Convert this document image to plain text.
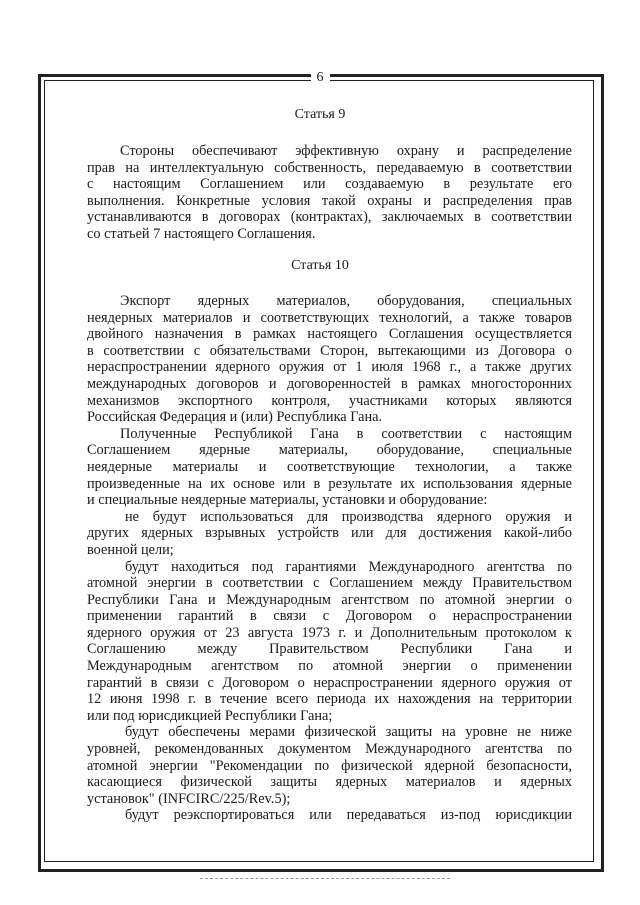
6
Статья 9
Стороны обеспечивают эффективную охрану и распределение
прав на интеллектуальную собственность, передаваемую в соответствии
с настоящим Соглашением или создаваемую в результате его
выполнения. Конкретные условия такой охраны и распределения прав
устанавливаются в договорах (контрактах), заключаемых в соответствии
со статьей 7 настоящего Соглашения.
Статья 10
Экспорт ядерных материалов, оборудования, специальных
неядерных материалов и соответствующих технологий, а также товаров
двойного назначения в рамках настоящего Соглашения осуществляется
в соответствии с обязательствами Сторон, вытекающими из Договора о
нераспространении ядерного оружия от 1 июля 1968 г., а также других
международных договоров и договоренностей в рамках многосторонних
механизмов экспортного контроля, участниками которых являются
Российская Федерация и (или) Республика Гана.
Полученные Республикой Гана в соответствии с настоящим
Соглашением ядерные материалы, оборудование, специальные
неядерные материалы и соответствующие технологии, а также
произведенные на их основе или в результате их использования ядерные
и специальные неядерные материалы, установки и оборудование:
не будут использоваться для производства ядерного оружия и
других ядерных взрывных устройств или для достижения какой-либо
военной цели;
будут находиться под гарантиями Международного агентства по
атомной энергии в соответствии с Соглашением между Правительством
Республики Гана и Международным агентством по атомной энергии о
применении гарантий в связи с Договором о нераспространении
ядерного оружия от 23 августа 1973 г. и Дополнительным протоколом к
Соглашению между Правительством Республики Гана и
Международным агентством по атомной энергии о применении
гарантий в связи с Договором о нераспространении ядерного оружия от
12 июня 1998 г. в течение всего периода их нахождения на территории
или под юрисдикцией Республики Гана;
будут обеспечены мерами физической защиты на уровне не ниже
уровней, рекомендованных документом Международного агентства по
атомной энергии "Рекомендации по физической ядерной безопасности,
касающиеся физической защиты ядерных материалов и ядерных
установок" (INFCIRC/225/Rev.5);
будут реэкспортироваться или передаваться из-под юрисдикции
